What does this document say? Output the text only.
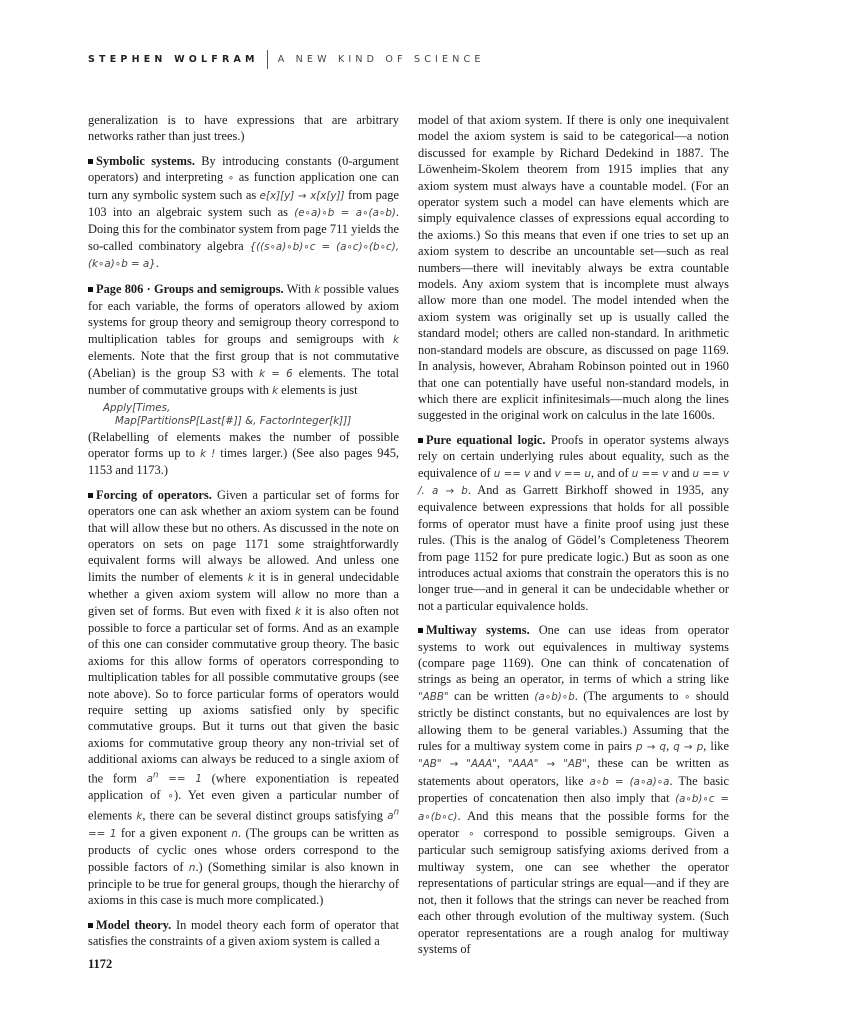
STEPHEN WOLFRAM A NEW KIND OF SCIENCE

generalization is to have expressions that are arbitrary networks rather than just trees.)

Symbolic systems. By introducing constants (0-argument operators) and interpreting ∘ as function application one can turn any symbolic system such as e[x][y] → x[x[y]] from page 103 into an algebraic system such as (e∘a)∘b = a∘(a∘b). Doing this for the combinator system from page 711 yields the so-called combinatory algebra {((s∘a)∘b)∘c = (a∘c)∘(b∘c), (k∘a)∘b = a}.

Page 806 · Groups and semigroups. With k possible values for each variable, the forms of operators allowed by axiom systems for group theory and semigroup theory correspond to multiplication tables for groups and semigroups with k elements. Note that the first group that is not commutative (Abelian) is the group S3 with k = 6 elements. The total number of commutative groups with k elements is just

Apply[Times,
Map[PartitionsP[Last[#]] &, FactorInteger[k]]]

(Relabelling of elements makes the number of possible operator forms up to k ! times larger.) (See also pages 945, 1153 and 1173.)

Forcing of operators. Given a particular set of forms for operators one can ask whether an axiom system can be found that will allow these but no others. As discussed in the note on operators on sets on page 1171 some straightforwardly equivalent forms will always be allowed. And unless one limits the number of elements k it is in general undecidable whether a given axiom system will allow no more than a given set of forms. But even with fixed k it is also often not possible to force a particular set of forms. And as an example of this one can consider commutative group theory. The basic axioms for this allow forms of operators corresponding to multiplication tables for all possible commutative groups (see note above). So to force particular forms of operators would require setting up axioms satisfied only by specific commutative groups. But it turns out that given the basic axioms for commutative group theory any non-trivial set of additional axioms can always be reduced to a single axiom of the form $a^n == 1$ (where exponentiation is repeated application of ∘). Yet even given a particular number of elements k, there can be several distinct groups satisfying $a^n == 1$ for a given exponent n. (The groups can be written as products of cyclic ones whose orders correspond to the possible factors of n.) (Something similar is also known in principle to be true for general groups, though the hierarchy of axioms in this case is much more complicated.)

Model theory. In model theory each form of operator that satisfies the constraints of a given axiom system is called a

model of that axiom system. If there is only one inequivalent model the axiom system is said to be categorical—a notion discussed for example by Richard Dedekind in 1887. The Löwenheim-Skolem theorem from 1915 implies that any axiom system must always have a countable model. (For an operator system such a model can have elements which are simply equivalence classes of expressions equal according to the axioms.) So this means that even if one tries to set up an axiom system to describe an uncountable set—such as real numbers—there will inevitably always be extra countable models. Any axiom system that is incomplete must always allow more than one model. The model intended when the axiom system was originally set up is usually called the standard model; others are called non-standard. In arithmetic non-standard models are obscure, as discussed on page 1169. In analysis, however, Abraham Robinson pointed out in 1960 that one can potentially have useful non-standard models, in which there are explicit infinitesimals—much along the lines suggested in the original work on calculus in the late 1600s.

Pure equational logic. Proofs in operator systems always rely on certain underlying rules about equality, such as the equivalence of u == v and v == u, and of u == v and u == v /. a → b. And as Garrett Birkhoff showed in 1935, any equivalence between expressions that holds for all possible forms of operator must have a finite proof using just these rules. (This is the analog of Gödel’s Completeness Theorem from page 1152 for pure predicate logic.) But as soon as one introduces actual axioms that constrain the operators this is no longer true—and in general it can be undecidable whether or not a particular equivalence holds.

Multiway systems. One can use ideas from operator systems to work out equivalences in multiway systems (compare page 1169). One can think of concatenation of strings as being an operator, in terms of which a string like "ABB" can be written (a∘b)∘b. (The arguments to ∘ should strictly be distinct constants, but no equivalences are lost by allowing them to be general variables.) Assuming that the rules for a multiway system come in pairs p → q, q → p, like "AB" → "AAA", "AAA" → "AB", these can be written as statements about operators, like a∘b = (a∘a)∘a. The basic properties of concatenation then also imply that (a∘b)∘c = a∘(b∘c). And this means that the possible forms for the operator ∘ correspond to possible semigroups. Given a particular such semigroup satisfying axioms derived from a multiway system, one can see whether the operator representations of particular strings are equal—and if they are not, then it follows that the strings can never be reached from each other through evolution of the multiway system. (Such operator representations are a rough analog for multiway systems of

1172
